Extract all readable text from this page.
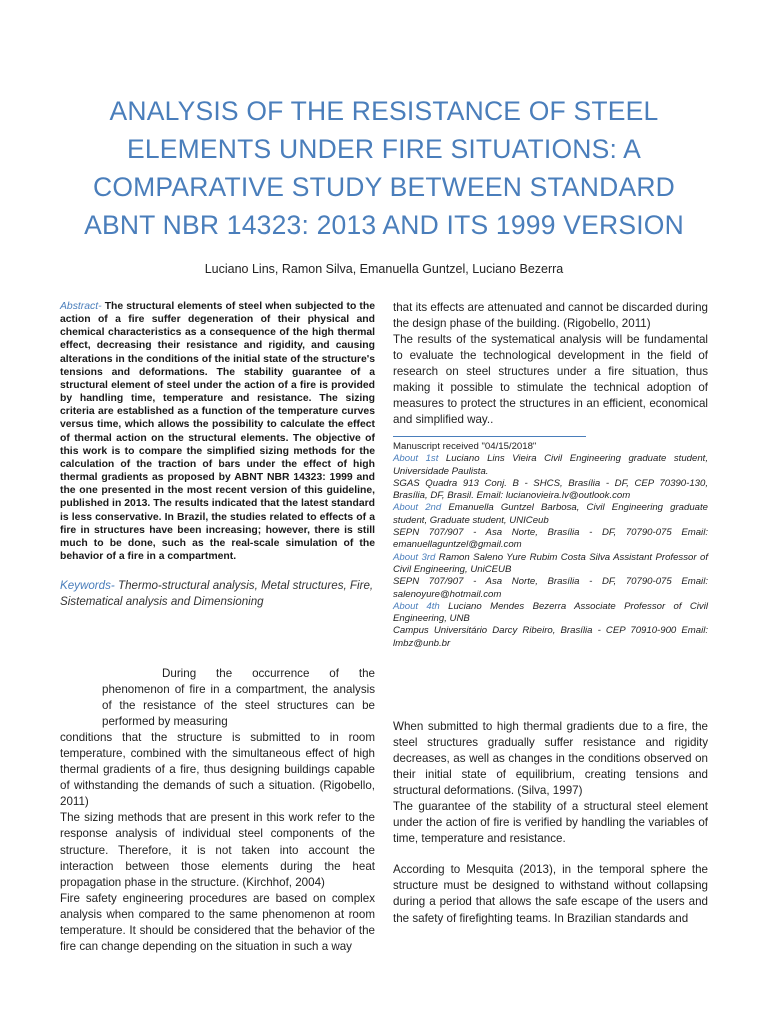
ANALYSIS OF THE RESISTANCE OF STEEL
ELEMENTS UNDER FIRE SITUATIONS: A
COMPARATIVE STUDY BETWEEN STANDARD
ABNT NBR 14323: 2013 AND ITS 1999 VERSION
Luciano Lins, Ramon Silva, Emanuella Guntzel, Luciano Bezerra

Abstract- The structural elements of steel when subjected to the action of a fire suffer degeneration of their physical and chemical characteristics as a consequence of the high thermal effect, decreasing their resistance and rigidity, and causing alterations in the conditions of the initial state of the structure's tensions and deformations. The stability guarantee of a structural element of steel under the action of a fire is provided by handling time, temperature and resistance. The sizing criteria are established as a function of the temperature curves versus time, which allows the possibility to calculate the effect of thermal action on the structural elements. The objective of this work is to compare the simplified sizing methods for the calculation of the traction of bars under the effect of high thermal gradients as proposed by ABNT NBR 14323: 1999 and the one presented in the most recent version of this guideline, published in 2013. The results indicated that the latest standard is less conservative. In Brazil, the studies related to effects of a fire in structures have been increasing; however, there is still much to be done, such as the real-scale simulation of the behavior of a fire in a compartment.

Keywords- Thermo-structural analysis, Metal structures, Fire, Sistematical analysis and Dimensioning

During the occurrence of the phenomenon of fire in a compartment, the analysis of the resistance of the steel structures can be performed by measuring

conditions that the structure is submitted to in room temperature, combined with the simultaneous effect of high thermal gradients of a fire, thus designing buildings capable of withstanding the demands of such a situation. (Rigobello, 2011)

The sizing methods that are present in this work refer to the response analysis of individual steel components of the structure. Therefore, it is not taken into account the interaction between those elements during the heat propagation phase in the structure. (Kirchhof, 2004)

Fire safety engineering procedures are based on complex analysis when compared to the same phenomenon at room temperature. It should be considered that the behavior of the fire can change depending on the situation in such a way

that its effects are attenuated and cannot be discarded during the design phase of the building. (Rigobello, 2011)

The results of the systematical analysis will be fundamental to evaluate the technological development in the field of research on steel structures under a fire situation, thus making it possible to stimulate the technical adoption of measures to protect the structures in an efficient, economical and simplified way..

Manuscript received "04/15/2018"

About 1st Luciano Lins Vieira Civil Engineering graduate student, Universidade Paulista.

SGAS Quadra 913 Conj. B - SHCS, Brasília - DF, CEP 70390-130, Brasília, DF, Brasil. Email: lucianovieira.lv@outlook.com

About 2nd Emanuella Guntzel Barbosa, Civil Engineering graduate student, Graduate student, UNICeub

SEPN 707/907 - Asa Norte, Brasília - DF, 70790-075 Email: emanuellaguntzel@gmail.com

About 3rd Ramon Saleno Yure Rubim Costa Silva Assistant Professor of Civil Engineering, UniCEUB

SEPN 707/907 - Asa Norte, Brasília - DF, 70790-075 Email: salenoyure@hotmail.com

About 4th Luciano Mendes Bezerra Associate Professor of Civil Engineering, UNB

Campus Universitário Darcy Ribeiro, Brasília - CEP 70910-900 Email: lmbz@unb.br

When submitted to high thermal gradients due to a fire, the steel structures gradually suffer resistance and rigidity decreases, as well as changes in the conditions observed on their initial state of equilibrium, creating tensions and structural deformations. (Silva, 1997)

The guarantee of the stability of a structural steel element under the action of fire is verified by handling the variables of time, temperature and resistance.

According to Mesquita (2013), in the temporal sphere the structure must be designed to withstand without collapsing during a period that allows the safe escape of the users and the safety of firefighting teams. In Brazilian standards and
